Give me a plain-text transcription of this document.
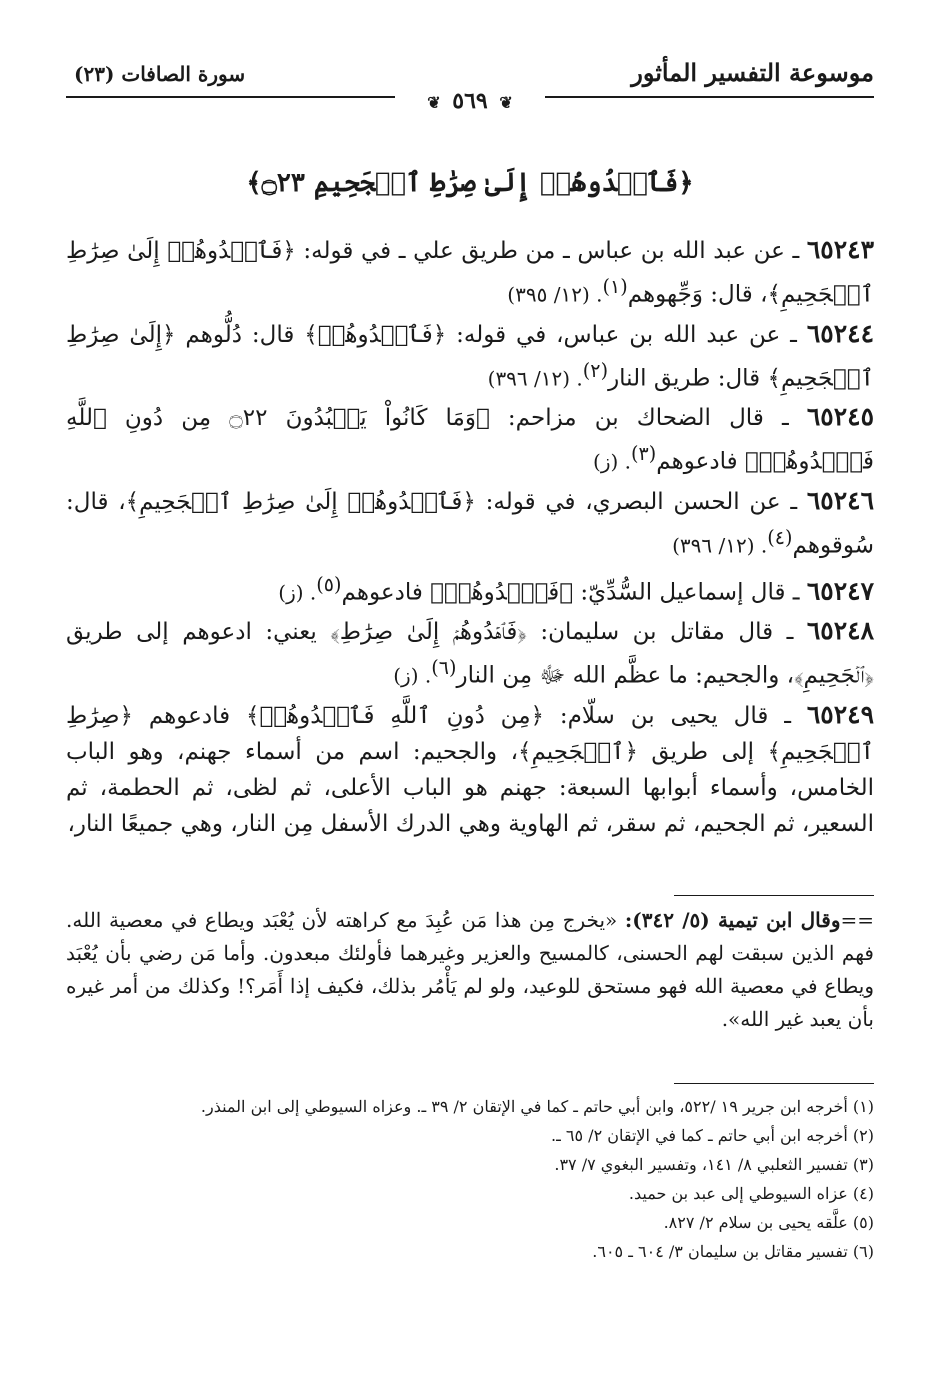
موسوعة التفسير المأثور
سورة الصافات (٢٣)
❦ ٥٦٩ ❦
﴿فَٱهۡدُوهُمۡ إِلَىٰ صِرَٰطِ ٱلۡجَحِيمِ ۝٢٣﴾

٦٥٢٤٣ ـ عن عبد الله بن عباس ـ من طريق علي ـ في قوله: ﴿فَٱهۡدُوهُمۡ إِلَىٰ صِرَٰطِ ٱلۡجَحِيمِ﴾، قال: وَجِّهوهم$^{(١)}$. (١٢/ ٣٩٥)

٦٥٢٤٤ ـ عن عبد الله بن عباس، في قوله: ﴿فَٱهۡدُوهُمۡ﴾ قال: دُلُّوهم ﴿إِلَىٰ صِرَٰطِ ٱلۡجَحِيمِ﴾ قال: طريق النار$^{(٢)}$. (١٢/ ٣٩٦)

٦٥٢٤٥ ـ قال الضحاك بن مزاحم: ﴿وَمَا كَانُواْ يَعۡبُدُونَ ۝٢٢ مِن دُونِ ٱللَّهِ فَٱهۡدُوهُمۡ﴾ فادعوهم$^{(٣)}$. (ز)

٦٥٢٤٦ ـ عن الحسن البصري، في قوله: ﴿فَٱهۡدُوهُمۡ إِلَىٰ صِرَٰطِ ٱلۡجَحِيمِ﴾، قال: سُوقوهم$^{(٤)}$. (١٢/ ٣٩٦)

٦٥٢٤٧ ـ قال إسماعيل السُّدِّيّ: ﴿فَٱهۡدُوهُمۡ﴾ فادعوهم$^{(٥)}$. (ز)

٦٥٢٤٨ ـ قال مقاتل بن سليمان: ﴿فَٱهۡدُوهُمۡ إِلَىٰ صِرَٰطِ﴾ يعني: ادعوهم إلى طريق ﴿ٱلۡجَحِيمِ﴾، والجحيم: ما عظَّم الله ﷻ مِن النار$^{(٦)}$. (ز)

٦٥٢٤٩ ـ قال يحيى بن سلّام: ﴿مِن دُونِ ٱللَّهِ فَٱهۡدُوهُمۡ﴾ فادعوهم ﴿صِرَٰطِ ٱلۡجَحِيمِ﴾ إلى طريق ﴿ٱلۡجَحِيمِ﴾، والجحيم: اسم من أسماء جهنم، وهو الباب الخامس، وأسماء أبوابها السبعة: جهنم هو الباب الأعلى، ثم لظى، ثم الحطمة، ثم السعير، ثم الجحيم، ثم سقر، ثم الهاوية وهي الدرك الأسفل مِن النار، وهي جميعًا النار،

==وقال ابن تيمية (٥/ ٣٤٢): «يخرج مِن هذا مَن عُبِدَ مع كراهته لأن يُعْبَد ويطاع في معصية الله. فهم الذين سبقت لهم الحسنى، كالمسيح والعزير وغيرهما فأولئك مبعدون. وأما مَن رضي بأن يُعْبَد ويطاع في معصية الله فهو مستحق للوعيد، ولو لم يَأْمُر بذلك، فكيف إذا أَمَر؟! وكذلك من أمر غيره بأن يعبد غير الله».

(١) أخرجه ابن جرير ١٩ /٥٢٢، وابن أبي حاتم ـ كما في الإتقان ٢/ ٣٩ ـ. وعزاه السيوطي إلى ابن المنذر.

(٢) أخرجه ابن أبي حاتم ـ كما في الإتقان ٢/ ٦٥ ـ.

(٣) تفسير الثعلبي ٨/ ١٤١، وتفسير البغوي ٧/ ٣٧.

(٤) عزاه السيوطي إلى عبد بن حميد.

(٥) علَّقه يحيى بن سلام ٢/ ٨٢٧.

(٦) تفسير مقاتل بن سليمان ٣/ ٦٠٤ ـ ٦٠٥.
